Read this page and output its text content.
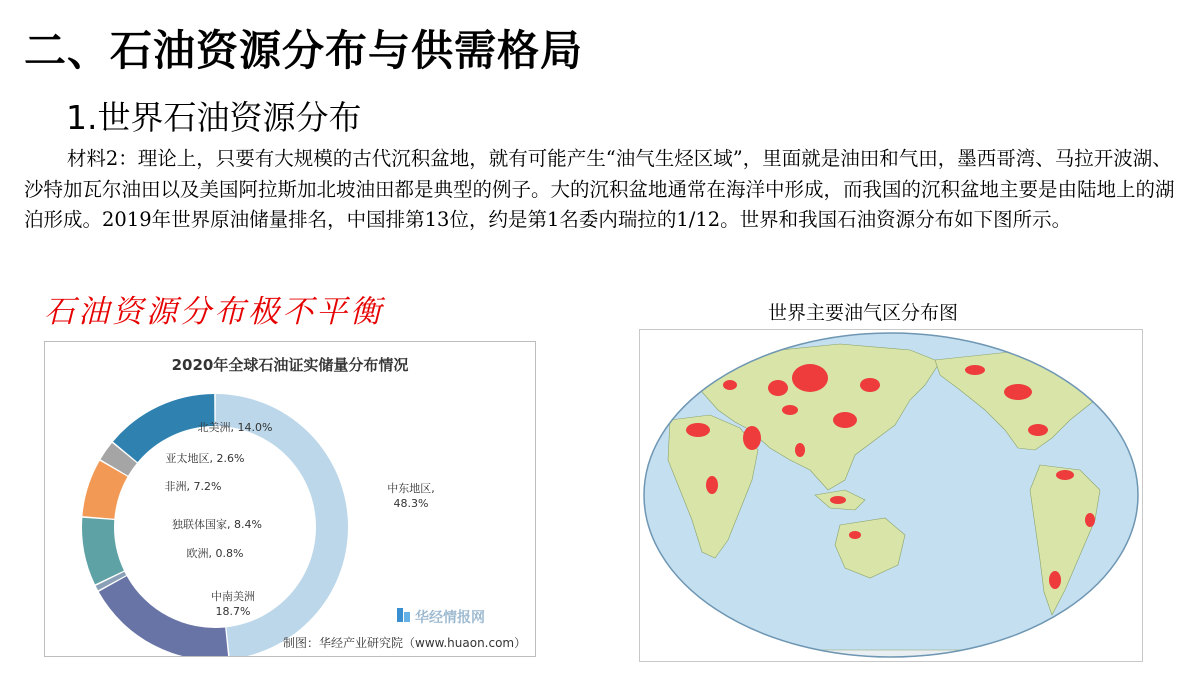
二、石油资源分布与供需格局
1.世界石油资源分布
材料2：理论上，只要有大规模的古代沉积盆地，就有可能产生“油气生烃区域”，里面就是油田和气田，墨西哥湾、马拉开波湖、沙特加瓦尔油田以及美国阿拉斯加北坡油田都是典型的例子。大的沉积盆地通常在海洋中形成，而我国的沉积盆地主要是由陆地上的湖泊形成。2019年世界原油储量排名，中国排第13位，约是第1名委内瑞拉的1/12。世界和我国石油资源分布如下图所示。
石油资源分布极不平衡
2020年全球石油证实储量分布情况
中东地区,
48.3%
中南美洲
18.7%
欧洲, 0.8%
独联体国家, 8.4%
非洲, 7.2%
亚太地区, 2.6%
北美洲, 14.0%
华经情报网
制图：华经产业研究院（www.huaon.com）
世界主要油气区分布图
